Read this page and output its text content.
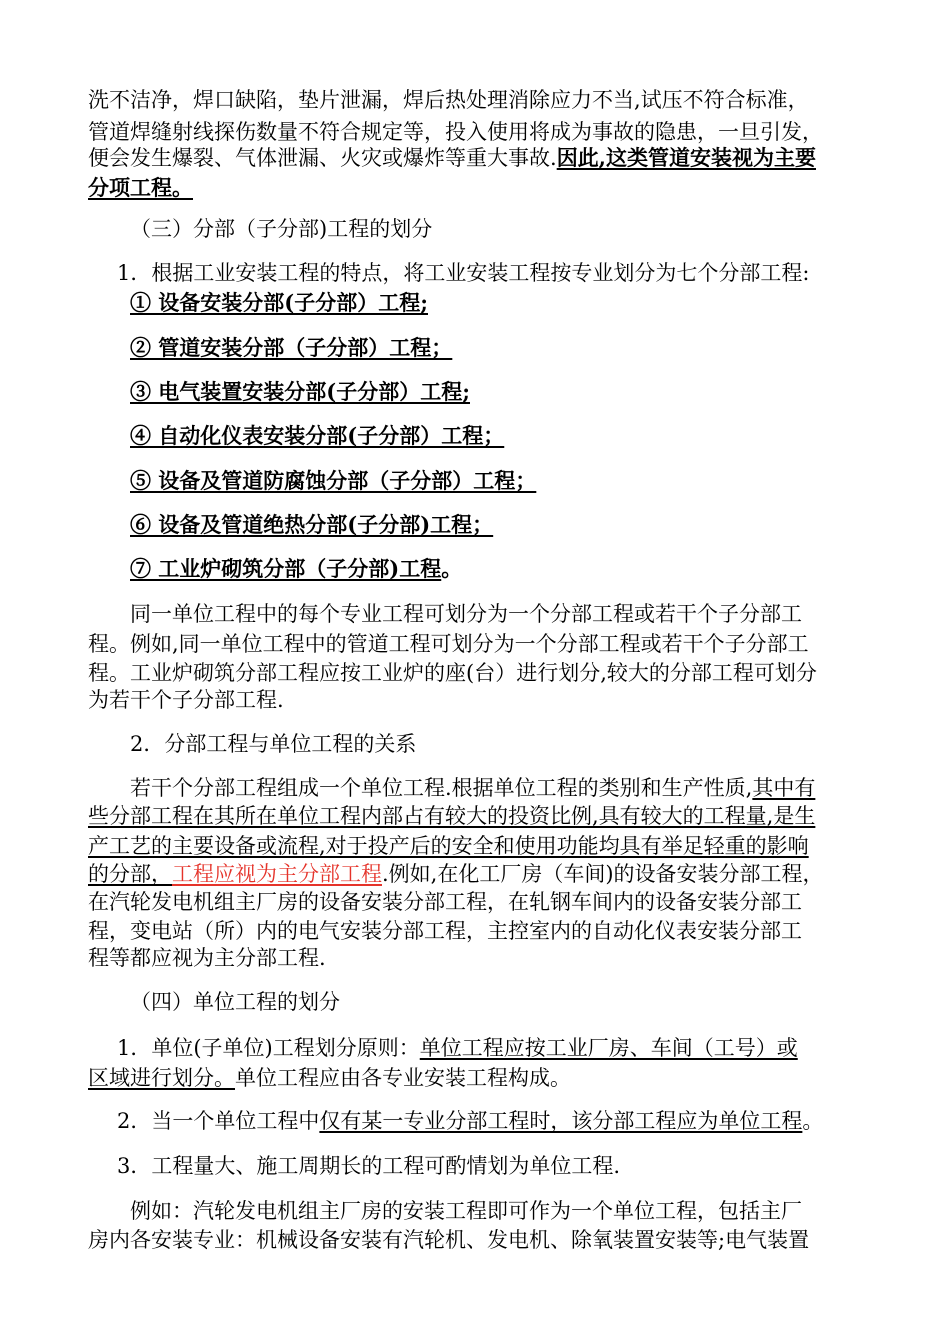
洗不洁净，焊口缺陷，垫片泄漏，焊后热处理消除应力不当,试压不符合标准，
管道焊缝射线探伤数量不符合规定等，投入使用将成为事故的隐患，一旦引发，
便会发生爆裂、气体泄漏、火灾或爆炸等重大事故.因此,这类管道安装视为主要
分项工程。
（三）分部（子分部)工程的划分
1．根据工业安装工程的特点，将工业安装工程按专业划分为七个分部工程:
① 设备安装分部(子分部）工程;
② 管道安装分部（子分部）工程；
③ 电气装置安装分部(子分部）工程;
④ 自动化仪表安装分部(子分部）工程；
⑤ 设备及管道防腐蚀分部（子分部）工程；
⑥ 设备及管道绝热分部(子分部)工程；
⑦ 工业炉砌筑分部（子分部)工程。
同一单位工程中的每个专业工程可划分为一个分部工程或若干个子分部工
程。例如,同一单位工程中的管道工程可划分为一个分部工程或若干个子分部工
程。工业炉砌筑分部工程应按工业炉的座(台）进行划分,较大的分部工程可划分
为若干个子分部工程.
2．分部工程与单位工程的关系
若干个分部工程组成一个单位工程.根据单位工程的类别和生产性质,其中有
些分部工程在其所在单位工程内部占有较大的投资比例,具有较大的工程量,是生
产工艺的主要设备或流程,对于投产后的安全和使用功能均具有举足轻重的影响
的分部，工程应视为主分部工程.例如,在化工厂房（车间)的设备安装分部工程，
在汽轮发电机组主厂房的设备安装分部工程，在轧钢车间内的设备安装分部工
程，变电站（所）内的电气安装分部工程，主控室内的自动化仪表安装分部工
程等都应视为主分部工程.
（四）单位工程的划分
1．单位(子单位)工程划分原则：单位工程应按工业厂房、车间（工号）或
区域进行划分。单位工程应由各专业安装工程构成。
2．当一个单位工程中仅有某一专业分部工程时，该分部工程应为单位工程。
3．工程量大、施工周期长的工程可酌情划为单位工程.
例如：汽轮发电机组主厂房的安装工程即可作为一个单位工程，包括主厂
房内各安装专业：机械设备安装有汽轮机、发电机、除氧装置安装等;电气装置
